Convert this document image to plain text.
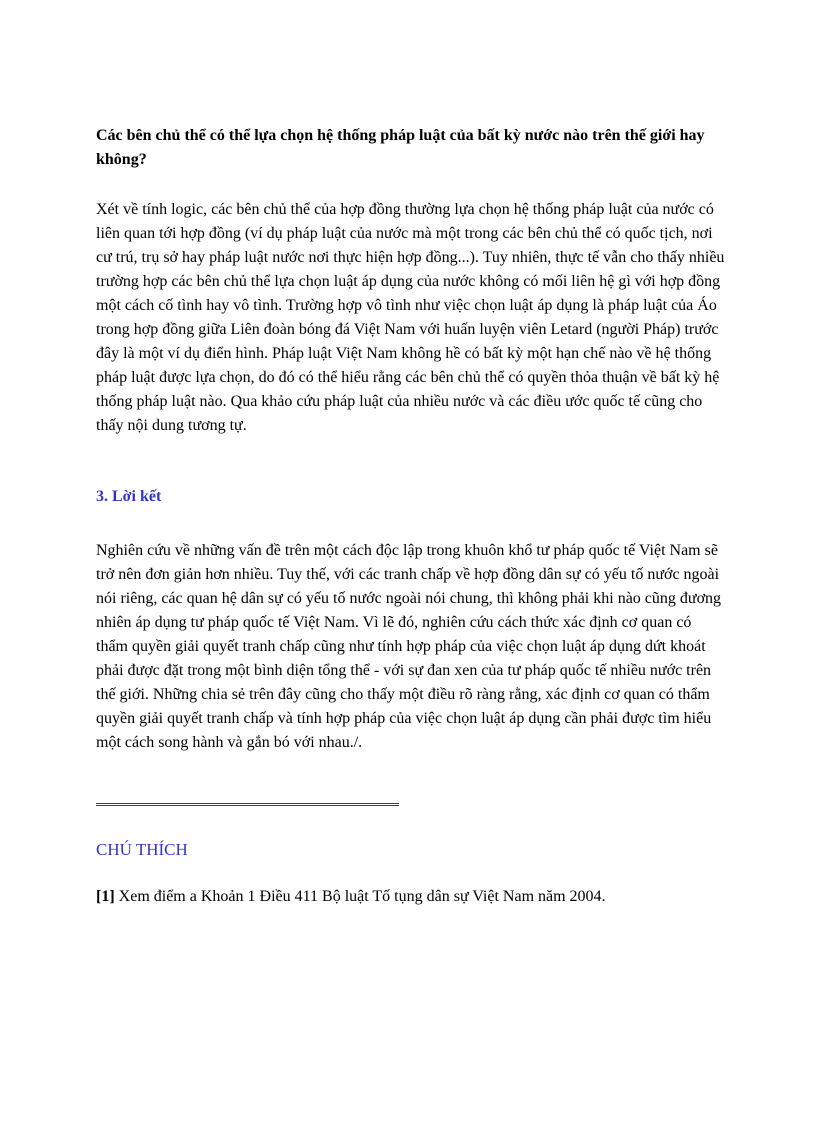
Các bên chủ thể có thể lựa chọn hệ thống pháp luật của bất kỳ nước nào trên thế giới hay không?

Xét về tính logic, các bên chủ thể của hợp đồng thường lựa chọn hệ thống pháp luật của nước có liên quan tới hợp đồng (ví dụ pháp luật của nước mà một trong các bên chủ thể có quốc tịch, nơi cư trú, trụ sở hay pháp luật nước nơi thực hiện hợp đồng...). Tuy nhiên, thực tế vẫn cho thấy nhiều trường hợp các bên chủ thể lựa chọn luật áp dụng của nước không có mối liên hệ gì với hợp đồng một cách cố tình hay vô tình. Trường hợp vô tình như việc chọn luật áp dụng là pháp luật của Áo trong hợp đồng giữa Liên đoàn bóng đá Việt Nam với huấn luyện viên Letard (người Pháp) trước đây là một ví dụ điển hình. Pháp luật Việt Nam không hề có bất kỳ một hạn chế nào về hệ thống pháp luật được lựa chọn, do đó có thể hiểu rằng các bên chủ thể có quyền thỏa thuận về bất kỳ hệ thống pháp luật nào. Qua khảo cứu pháp luật của nhiều nước và các điều ước quốc tế cũng cho thấy nội dung tương tự.

3. Lời kết

Nghiên cứu về những vấn đề trên một cách độc lập trong khuôn khổ tư pháp quốc tế Việt Nam sẽ trở nên đơn giản hơn nhiều. Tuy thế, với các tranh chấp về hợp đồng dân sự có yếu tố nước ngoài nói riêng, các quan hệ dân sự có yếu tố nước ngoài nói chung, thì không phải khi nào cũng đương nhiên áp dụng tư pháp quốc tế Việt Nam. Vì lẽ đó, nghiên cứu cách thức xác định cơ quan có thẩm quyền giải quyết tranh chấp cũng như tính hợp pháp của việc chọn luật áp dụng dứt khoát phải được đặt trong một bình diện tổng thể - với sự đan xen của tư pháp quốc tế nhiều nước trên thế giới. Những chia sẻ trên đây cũng cho thấy một điều rõ ràng rằng, xác định cơ quan có thẩm quyền giải quyết tranh chấp và tính hợp pháp của việc chọn luật áp dụng cần phải được tìm hiểu một cách song hành và gắn bó với nhau./.

CHÚ THÍCH

[1] Xem điểm a Khoản 1 Điều 411 Bộ luật Tố tụng dân sự Việt Nam năm 2004.
